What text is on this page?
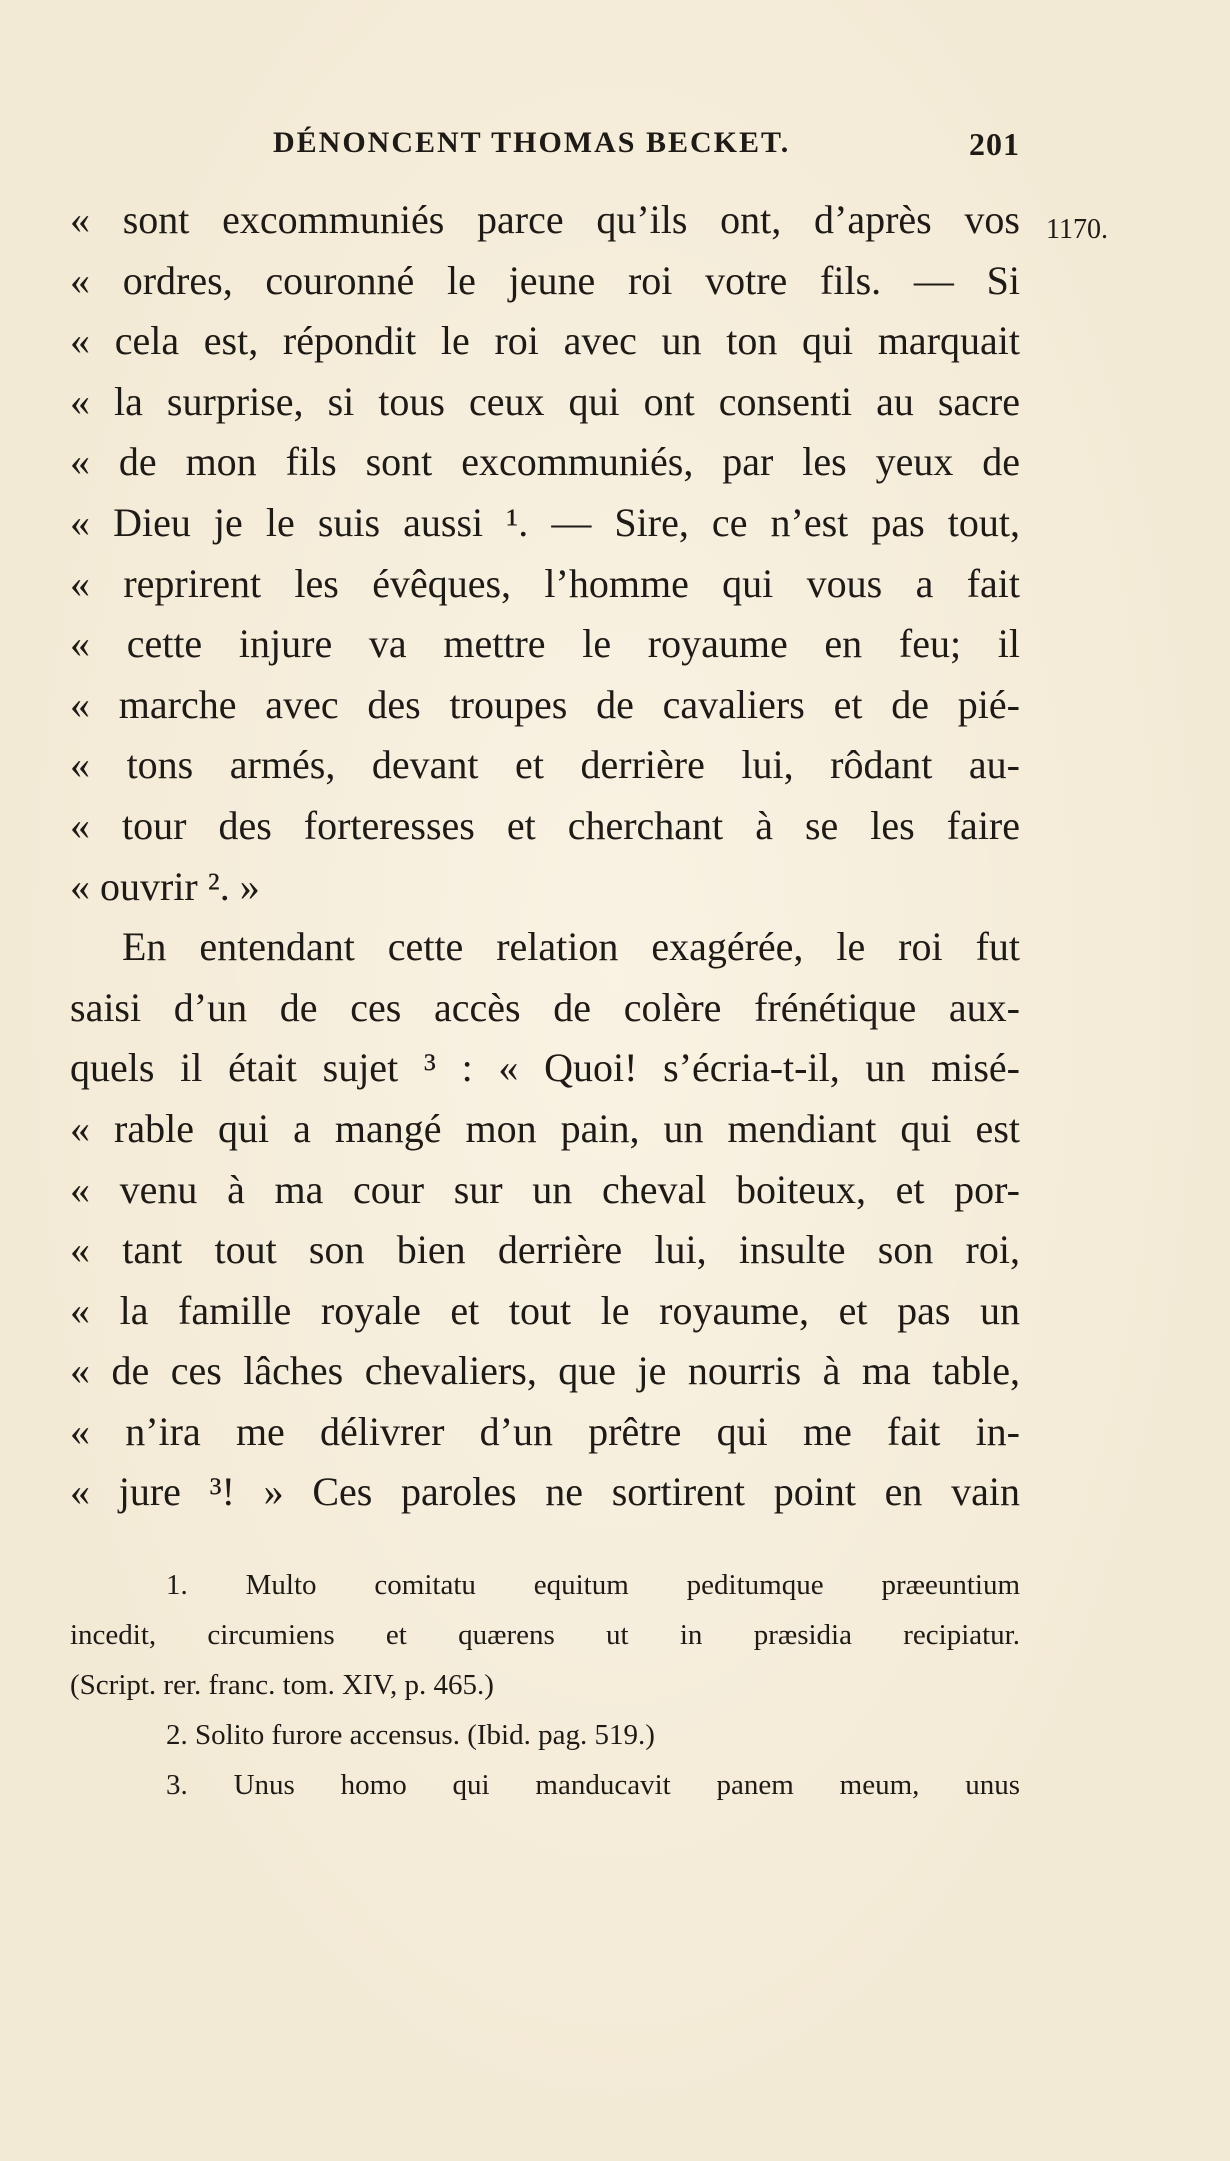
DÉNONCENT THOMAS BECKET.	201
1170.
« sont excommuniés parce qu’ils ont, d’après vos
« ordres, couronné le jeune roi votre fils. — Si
« cela est, répondit le roi avec un ton qui marquait
« la surprise, si tous ceux qui ont consenti au sacre
« de mon fils sont excommuniés, par les yeux de
« Dieu je le suis aussi ¹. — Sire, ce n’est pas tout,
« reprirent les évêques, l’homme qui vous a fait
« cette injure va mettre le royaume en feu; il
« marche avec des troupes de cavaliers et de pié-
« tons armés, devant et derrière lui, rôdant au-
« tour des forteresses et cherchant à se les faire
« ouvrir ². »
En entendant cette relation exagérée, le roi fut
saisi d’un de ces accès de colère frénétique aux-
quels il était sujet ³ : « Quoi! s’écria-t-il, un misé-
« rable qui a mangé mon pain, un mendiant qui est
« venu à ma cour sur un cheval boiteux, et por-
« tant tout son bien derrière lui, insulte son roi,
« la famille royale et tout le royaume, et pas un
« de ces lâches chevaliers, que je nourris à ma table,
« n’ira me délivrer d’un prêtre qui me fait in-
« jure ³! » Ces paroles ne sortirent point en vain
1. Multo comitatu equitum peditumque præeuntium
incedit, circumiens et quærens ut in præsidia recipiatur.
(Script. rer. franc. tom. XIV, p. 465.)
2. Solito furore accensus. (Ibid. pag. 519.)
3. Unus homo qui manducavit panem meum, unus
